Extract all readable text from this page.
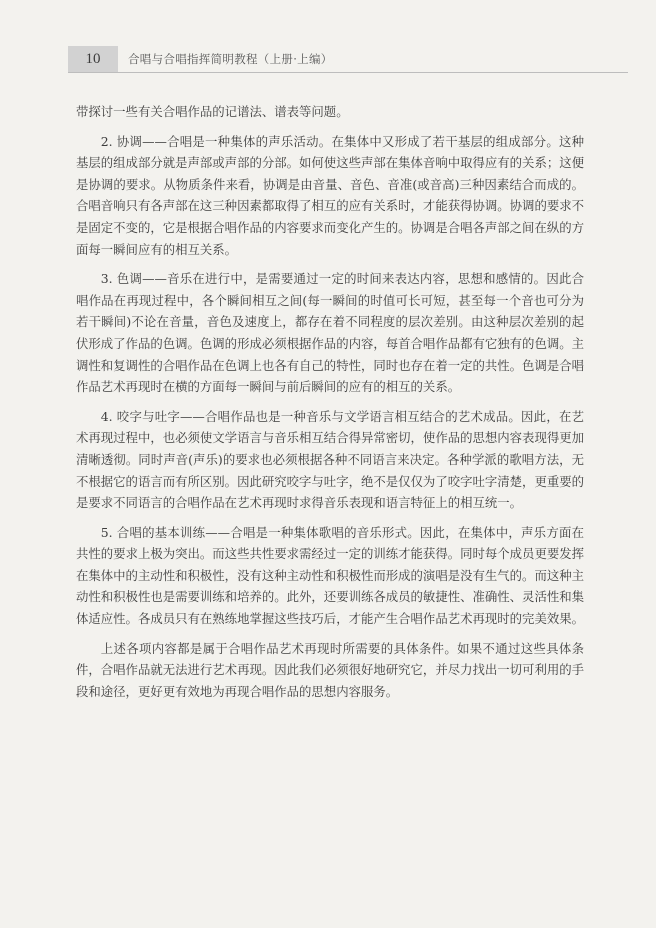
10	合唱与合唱指挥简明教程（上册·上编）

带探讨一些有关合唱作品的记谱法、谱表等问题。

2. 协调——合唱是一种集体的声乐活动。在集体中又形成了若干基层的组成部分。这种基层的组成部分就是声部或声部的分部。如何使这些声部在集体音响中取得应有的关系；这便是协调的要求。从物质条件来看，协调是由音量、音色、音准(或音高)三种因素结合而成的。合唱音响只有各声部在这三种因素都取得了相互的应有关系时，才能获得协调。协调的要求不是固定不变的，它是根据合唱作品的内容要求而变化产生的。协调是合唱各声部之间在纵的方面每一瞬间应有的相互关系。

3. 色调——音乐在进行中，是需要通过一定的时间来表达内容，思想和感情的。因此合唱作品在再现过程中，各个瞬间相互之间(每一瞬间的时值可长可短，甚至每一个音也可分为若干瞬间)不论在音量，音色及速度上，都存在着不同程度的层次差别。由这种层次差别的起伏形成了作品的色调。色调的形成必须根据作品的内容，每首合唱作品都有它独有的色调。主调性和复调性的合唱作品在色调上也各有自己的特性，同时也存在着一定的共性。色调是合唱作品艺术再现时在横的方面每一瞬间与前后瞬间的应有的相互的关系。

4. 咬字与吐字——合唱作品也是一种音乐与文学语言相互结合的艺术成品。因此，在艺术再现过程中，也必须使文学语言与音乐相互结合得异常密切，使作品的思想内容表现得更加清晰透彻。同时声音(声乐)的要求也必须根据各种不同语言来决定。各种学派的歌唱方法，无不根据它的语言而有所区别。因此研究咬字与吐字，绝不是仅仅为了咬字吐字清楚，更重要的是要求不同语言的合唱作品在艺术再现时求得音乐表现和语言特征上的相互统一。

5. 合唱的基本训练——合唱是一种集体歌唱的音乐形式。因此，在集体中，声乐方面在共性的要求上极为突出。而这些共性要求需经过一定的训练才能获得。同时每个成员更要发挥在集体中的主动性和积极性，没有这种主动性和积极性而形成的演唱是没有生气的。而这种主动性和积极性也是需要训练和培养的。此外，还要训练各成员的敏捷性、准确性、灵活性和集体适应性。各成员只有在熟练地掌握这些技巧后，才能产生合唱作品艺术再现时的完美效果。

上述各项内容都是属于合唱作品艺术再现时所需要的具体条件。如果不通过这些具体条件，合唱作品就无法进行艺术再现。因此我们必须很好地研究它，并尽力找出一切可利用的手段和途径，更好更有效地为再现合唱作品的思想内容服务。
